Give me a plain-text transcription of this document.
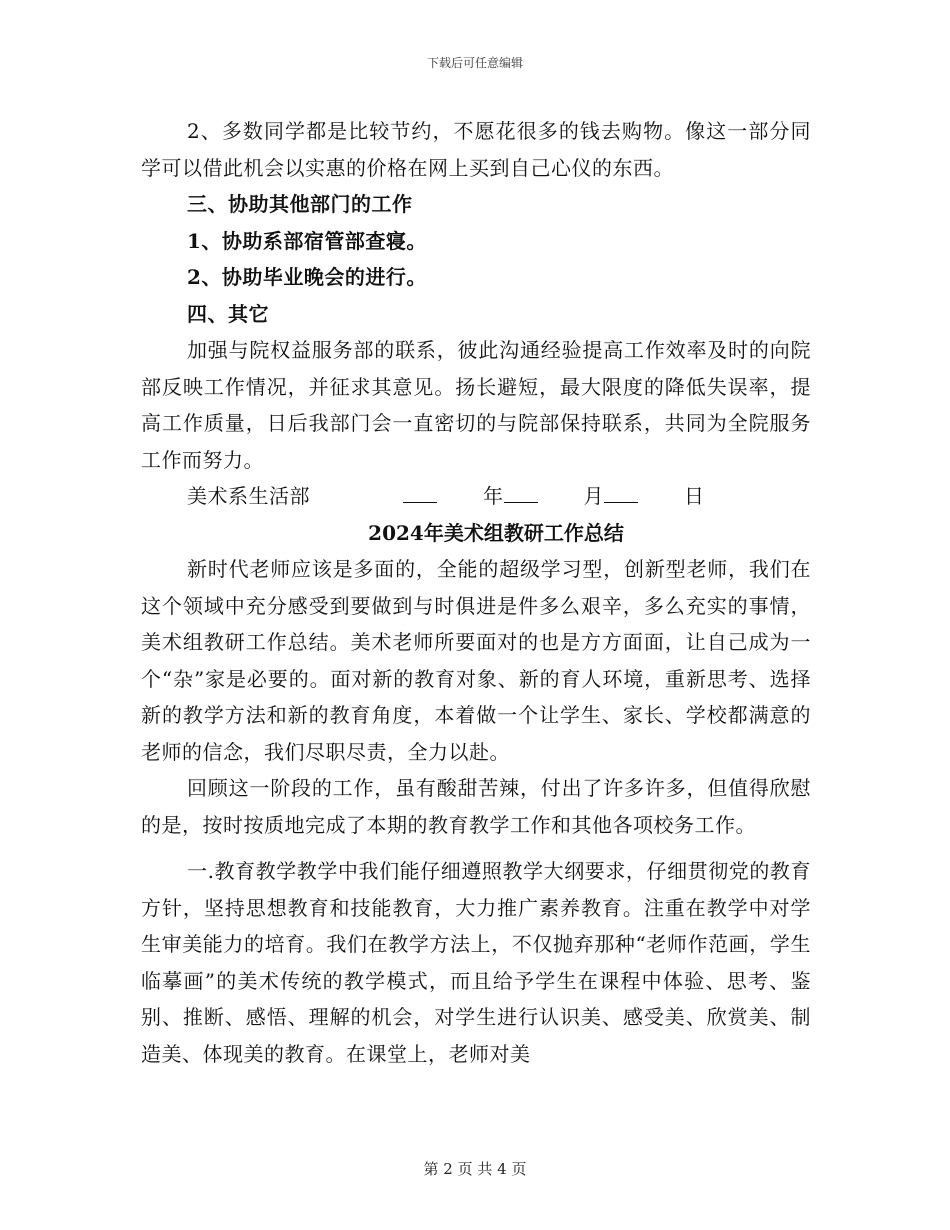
下载后可任意编辑

2、多数同学都是比较节约，不愿花很多的钱去购物。像这一部分同学可以借此机会以实惠的价格在网上买到自己心仪的东西。

三、协助其他部门的工作

1、协助系部宿管部查寝。

2、协助毕业晚会的进行。

四、其它

加强与院权益服务部的联系，彼此沟通经验提高工作效率及时的向院部反映工作情况，并征求其意见。扬长避短，最大限度的降低失误率，提高工作质量，日后我部门会一直密切的与院部保持联系，共同为全院服务工作而努力。

美术系生活部	年	月	日

2024年美术组教研工作总结

新时代老师应该是多面的，全能的超级学习型，创新型老师，我们在这个领域中充分感受到要做到与时俱进是件多么艰辛，多么充实的事情，美术组教研工作总结。美术老师所要面对的也是方方面面，让自己成为一个“杂”家是必要的。面对新的教育对象、新的育人环境，重新思考、选择新的教学方法和新的教育角度，本着做一个让学生、家长、学校都满意的老师的信念，我们尽职尽责，全力以赴。

回顾这一阶段的工作，虽有酸甜苦辣，付出了许多许多，但值得欣慰的是，按时按质地完成了本期的教育教学工作和其他各项校务工作。

一.教育教学教学中我们能仔细遵照教学大纲要求，仔细贯彻党的教育方针，坚持思想教育和技能教育，大力推广素养教育。注重在教学中对学生审美能力的培育。我们在教学方法上，不仅抛弃那种“老师作范画，学生临摹画”的美术传统的教学模式，而且给予学生在课程中体验、思考、鉴别、推断、感悟、理解的机会，对学生进行认识美、感受美、欣赏美、制造美、体现美的教育。在课堂上，老师对美

第 2 页 共 4 页
